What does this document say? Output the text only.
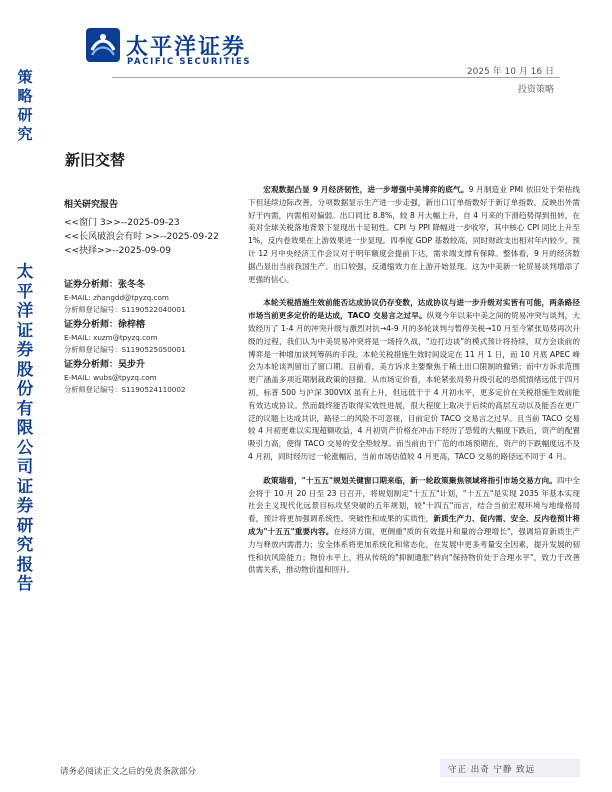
太平洋证券
PACIFIC SECURITIES
2025 年 10 月 16 日
投资策略
策略研究
太平洋证券股份有限公司证券研究报告
新旧交替
相关研究报告
<<窗门 3>>--2025-09-23
<<长风破浪会有时 >>--2025-09-22
<<抉择>>--2025-09-09
证券分析师：张冬冬
E-MAIL: zhangdd@tpyzq.com
分析师登记编号：S1190522040001
证券分析师：徐梓榕
E-MAIL: xuzm@tpyzq.com
分析师登记编号：S1190525050001
证券分析师：吴步升
E-MAIL: wubs@tpyzq.com
分析师登记编号：S1190524110002

宏观数据凸显 9 月经济韧性，进一步增强中美博弈的底气。9 月制造业 PMI 依旧处于荣枯线下但延续边际改善，分项数据显示生产进一步走强，新出口订单指数好于新订单指数，反映出外需好于内需，内需相对偏弱。出口同比 8.8%，较 8 月大幅上升，自 4 月来的下滑趋势得到扭转，在美对全球关税落地背景下显现出十足韧性。CPI 与 PPI 降幅进一步收窄，其中核心 CPI 同比上升至 1%，反内卷效果在上游效果进一步显现。四季度 GDP 基数较高，同时财政支出相对年内较少，预计 12 月中央经济工作会议对于明年额度会提前下达，需求端支撑有保障。整体看，9 月的经济数据凸显出当前我国生产、出口较强，反通缩效力在上游开始显现。这为中美新一轮贸易谈判增添了更强的信心。

本轮关税措施生效前能否达成协议仍存变数，达成协议与进一步升级对实皆有可能，两条路径市场当前更多定价的是达成，TACO 交易言之过早。纵观今年以来中美之间的贸易冲突与谈判，大致经历了 1-4 月的冲突升级与激烈对抗→4-9 月的多轮谈判与暂停关税→10 月至今紧张局势再次升级的过程，我们认为中美贸易冲突将是一场持久战，"边打边谈"的模式预计将持续，双方会谈前的博弈是一种增加谈判筹码的手段。本轮关税措施生效时间设定在 11 月 1 日，而 10 月底 APEC 峰会为本轮谈判留出了窗口期。目前看，美方诉求主要聚焦于稀土出口限制的撤销；而中方诉求范围更广涵盖多项近期制裁政策的回撤。从市场定价看，本轮紧张局势升级引起的恐慌情绪远低于四月初，标普 500 与沪深 300VIX 虽有上升，但远低于于 4 月初水平，更多定价在关税措施生效前能有效达成协议。然而最终能否取得实效性进展，很大程度上取决于后续的高层互动以及能否在更广泛的议题上达成共识，路径二的风险不可忽视，目前定价 TACO 交易言之过早。且当前 TACO 交易较 4 月初更难以实现超额收益，4 月初资产价格在冲击下经历了恐慌的大幅度下跌后，资产的配置吸引力高，使得 TACO 交易的安全垫较厚。而当前由于广范的市场预期在，资产的下跌幅度远不及 4 月初，同时经历过一轮涨幅后，当前市场估值较 4 月更高，TACO 交易的路径远不同于 4 月。

政策瑞看，"十五五"规划关键窗口期来临，新一轮政策聚焦领域将指引市场交易方向。四中全会将于 10 月 20 日至 23 日召开，将规划制定"十五五"计划，"十五五"是实现 2035 年基本实现社会主义现代化远景目标攻坚突破的五年规划，较"十四五"而言，结合当前宏观环境与地缘格局看，预计将更加强调系统性、突破性和成果的实质性，新质生产力、促内需、安全、反内卷预计将成为"十五五"重要内容。在经济方面，更侧重"质的有效提升和量的合理增长"，强调培育新质生产力与释放内需潜力；安全体系将更加系统化和常态化，在发展中更多考量安全因素，提升发展的韧性和抗风险能力；物价水平上，将从传统的"抑制通胀"转向"保持物价处于合理水平"，致力于改善供需关系，推动物价温和回升。

请务必阅读正文之后的免责条款部分	守正 出奇 宁静 致远
